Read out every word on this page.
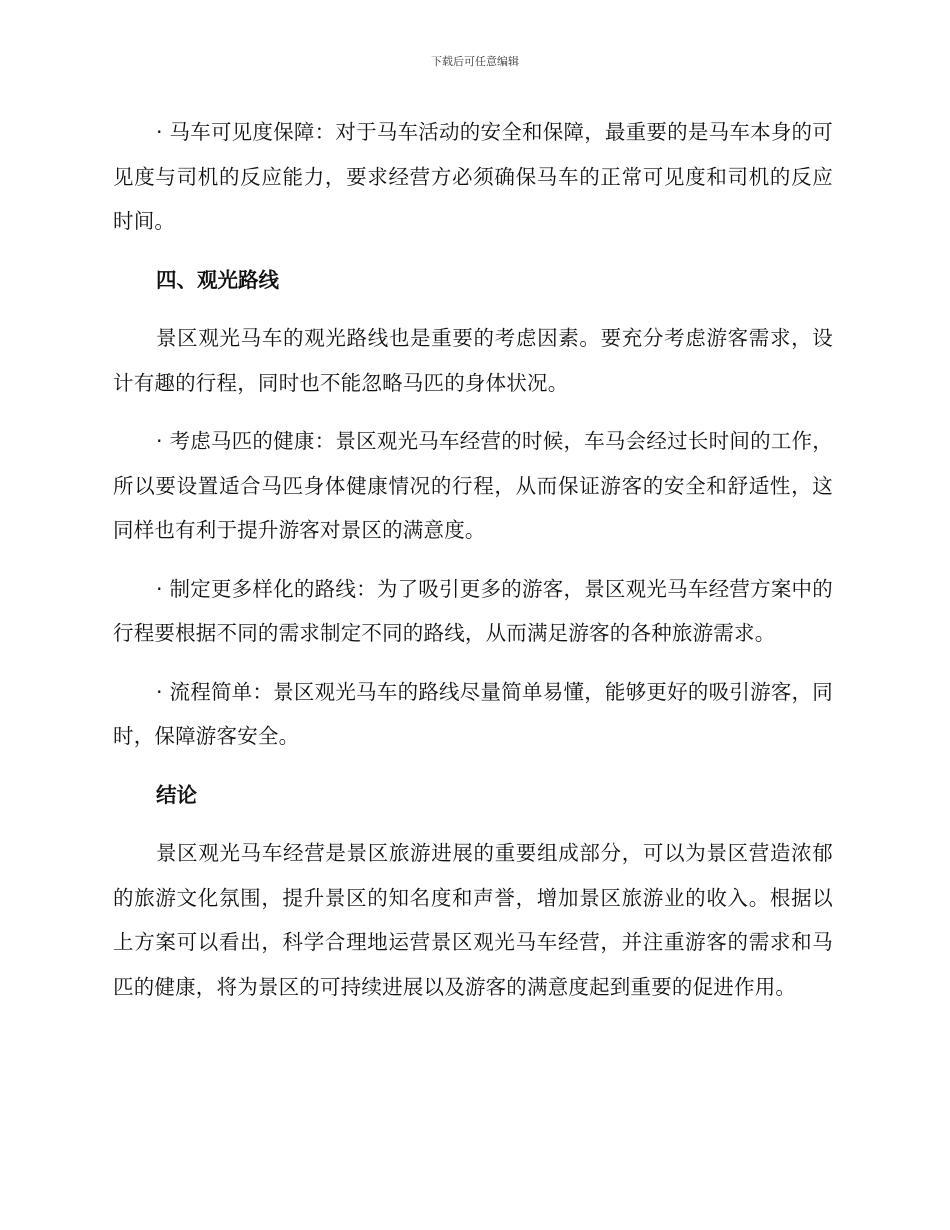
下载后可任意编辑

· 马车可见度保障：对于马车活动的安全和保障，最重要的是马车本身的可见度与司机的反应能力，要求经营方必须确保马车的正常可见度和司机的反应时间。

四、观光路线

景区观光马车的观光路线也是重要的考虑因素。要充分考虑游客需求，设计有趣的行程，同时也不能忽略马匹的身体状况。

· 考虑马匹的健康：景区观光马车经营的时候，车马会经过长时间的工作，所以要设置适合马匹身体健康情况的行程，从而保证游客的安全和舒适性，这同样也有利于提升游客对景区的满意度。

· 制定更多样化的路线：为了吸引更多的游客，景区观光马车经营方案中的行程要根据不同的需求制定不同的路线，从而满足游客的各种旅游需求。

· 流程简单：景区观光马车的路线尽量简单易懂，能够更好的吸引游客，同时，保障游客安全。

结论

景区观光马车经营是景区旅游进展的重要组成部分，可以为景区营造浓郁的旅游文化氛围，提升景区的知名度和声誉，增加景区旅游业的收入。根据以上方案可以看出，科学合理地运营景区观光马车经营，并注重游客的需求和马匹的健康，将为景区的可持续进展以及游客的满意度起到重要的促进作用。
